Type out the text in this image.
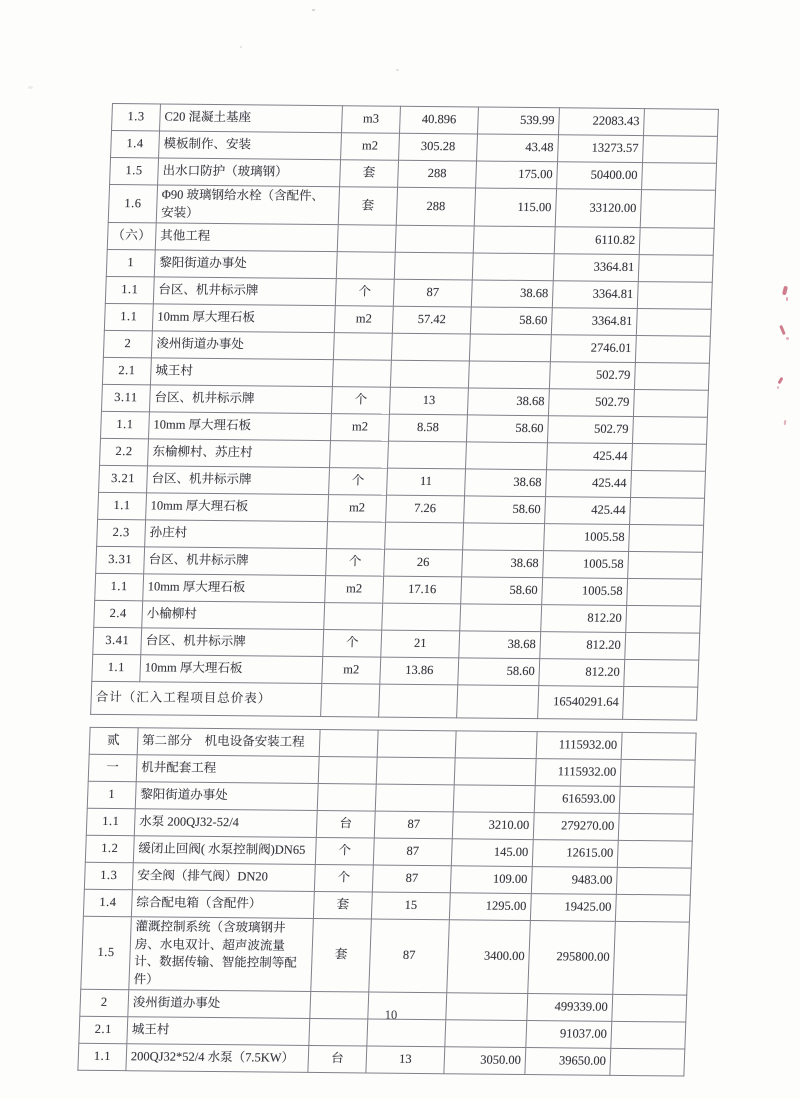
1.3	C20 混凝土基座	m3	40.896	539.99	22083.43	
1.4	模板制作、安装	m2	305.28	43.48	13273.57	
1.5	出水口防护（玻璃钢）	套	288	175.00	50400.00	
1.6	Φ90 玻璃钢给水栓（含配件、安装）	套	288	115.00	33120.00	
（六）	其他工程				6110.82	
1	黎阳街道办事处				3364.81	
1.1	台区、机井标示牌	个	87	38.68	3364.81	
1.1	10mm 厚大理石板	m2	57.42	58.60	3364.81	
2	浚州街道办事处				2746.01	
2.1	城王村				502.79	
3.11	台区、机井标示牌	个	13	38.68	502.79	
1.1	10mm 厚大理石板	m2	8.58	58.60	502.79	
2.2	东榆柳村、苏庄村				425.44	
3.21	台区、机井标示牌	个	11	38.68	425.44	
1.1	10mm 厚大理石板	m2	7.26	58.60	425.44	
2.3	孙庄村				1005.58	
3.31	台区、机井标示牌	个	26	38.68	1005.58	
1.1	10mm 厚大理石板	m2	17.16	58.60	1005.58	
2.4	小榆柳村				812.20	
3.41	台区、机井标示牌	个	21	38.68	812.20	
1.1	10mm 厚大理石板	m2	13.86	58.60	812.20	
合计（汇入工程项目总价表）					16540291.64	
贰	第二部分　机电设备安装工程				1115932.00	
一	机井配套工程				1115932.00	
1	黎阳街道办事处				616593.00	
1.1	水泵 200QJ32-52/4	台	87	3210.00	279270.00	
1.2	缓闭止回阀( 水泵控制阀)DN65	个	87	145.00	12615.00	
1.3	安全阀（排气阀）DN20	个	87	109.00	9483.00	
1.4	综合配电箱（含配件）	套	15	1295.00	19425.00	
1.5	灌溉控制系统（含玻璃钢井房、水电双计、超声波流量计、数据传输、智能控制等配件）	套	87	3400.00	295800.00	
2	浚州街道办事处				499339.00	
2.1	城王村				91037.00	
1.1	200QJ32*52/4 水泵（7.5KW）	台	13	3050.00	39650.00	
10
